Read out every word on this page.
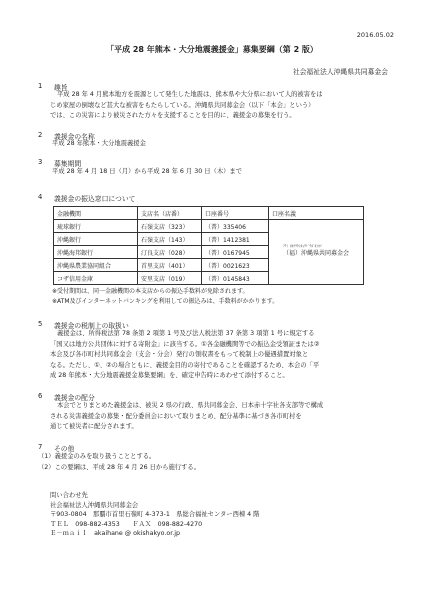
2016.05.02
「平成 28 年熊本・大分地震義援金」募集要綱（第 2 版）
社会福祉法人沖縄県共同募金会
1 趣旨
平成 28 年 4 月熊本地方を震源として発生した地震は、熊本県や大分県において人的被害をは
じめ家屋の倒壊など甚大な被害をもたらしている。沖縄県共同募金会（以下「本会」という）
では、この災害により被災された方々を支援することを目的に、義援金の募集を行う。
2 義援金の名称
平成 28 年熊本・大分地震義援金
3 募集期間
平成 28 年 4 月 18 日（月）から平成 28 年 6 月 30 日（木）まで
4 義援金の振込窓口について
金融機関	支店名（店番）	口座番号	口座名義
琉球銀行	石嶺支店（323）	（普）335406	ﾌｸ）ｵｷﾅﾜｹﾝｷｮｳﾄﾞｳﾎﾞｷﾝｶｲ
（福）沖縄県共同募金会
沖縄銀行	石嶺支店（143）	（普）1412381	
沖縄海邦銀行	汀良支店（028）	（普）0167945	
沖縄県農業協同組合	首里支店（401）	（普）0021623	
コザ信用金庫	安里支店（019）	（普）0145843	
※受付期間は、同一金融機関の本支店からの振込手数料が免除されます。
※ATM及びインターネットバンキングを利用しての振込みは、手数料がかかります。
5 義援金の税制上の取扱い
義援金は、所得税法第 78 条第 2 項第 1 号及び法人税法第 37 条第 3 項第 1 号に規定する
「国又は地方公共団体に対する寄附金」に該当する。①各金融機関等での振込金受領証または②
本会及び各市町村共同募金会（支会・分会）発行の領収書をもって税制上の優遇措置対象と
なる。ただし、①、②の場合ともに、義援金目的の寄付であることを確認するため、本会の「平
成 28 年熊本・大分地震義援金募集要綱」を、確定申告時にあわせて添付すること。
6 義援金の配分
本会でとりまとめた義援金は、被災 2 県の行政、県共同募金会、日本赤十字社各支部等で構成
される災害義援金の募集・配分委員会において取りまとめ、配分基準に基づき各市町村を
通じて被災者に配分されます。
7 その他
（1）義援金のみを取り扱うこととする。
（2）この要綱は、平成 28 年 4 月 26 日から施行する。
問い合わせ先
社会福祉法人沖縄県共同募金会
〒903-0804　那覇市首里石嶺町 4-373-1　県総合福祉センター西棟 4 階
ＴＥＬ　098-882-4353　　ＦＡＸ　098-882-4270
Ｅ－ｍａｉｌ　akaihane @ okishakyo.or.jp
